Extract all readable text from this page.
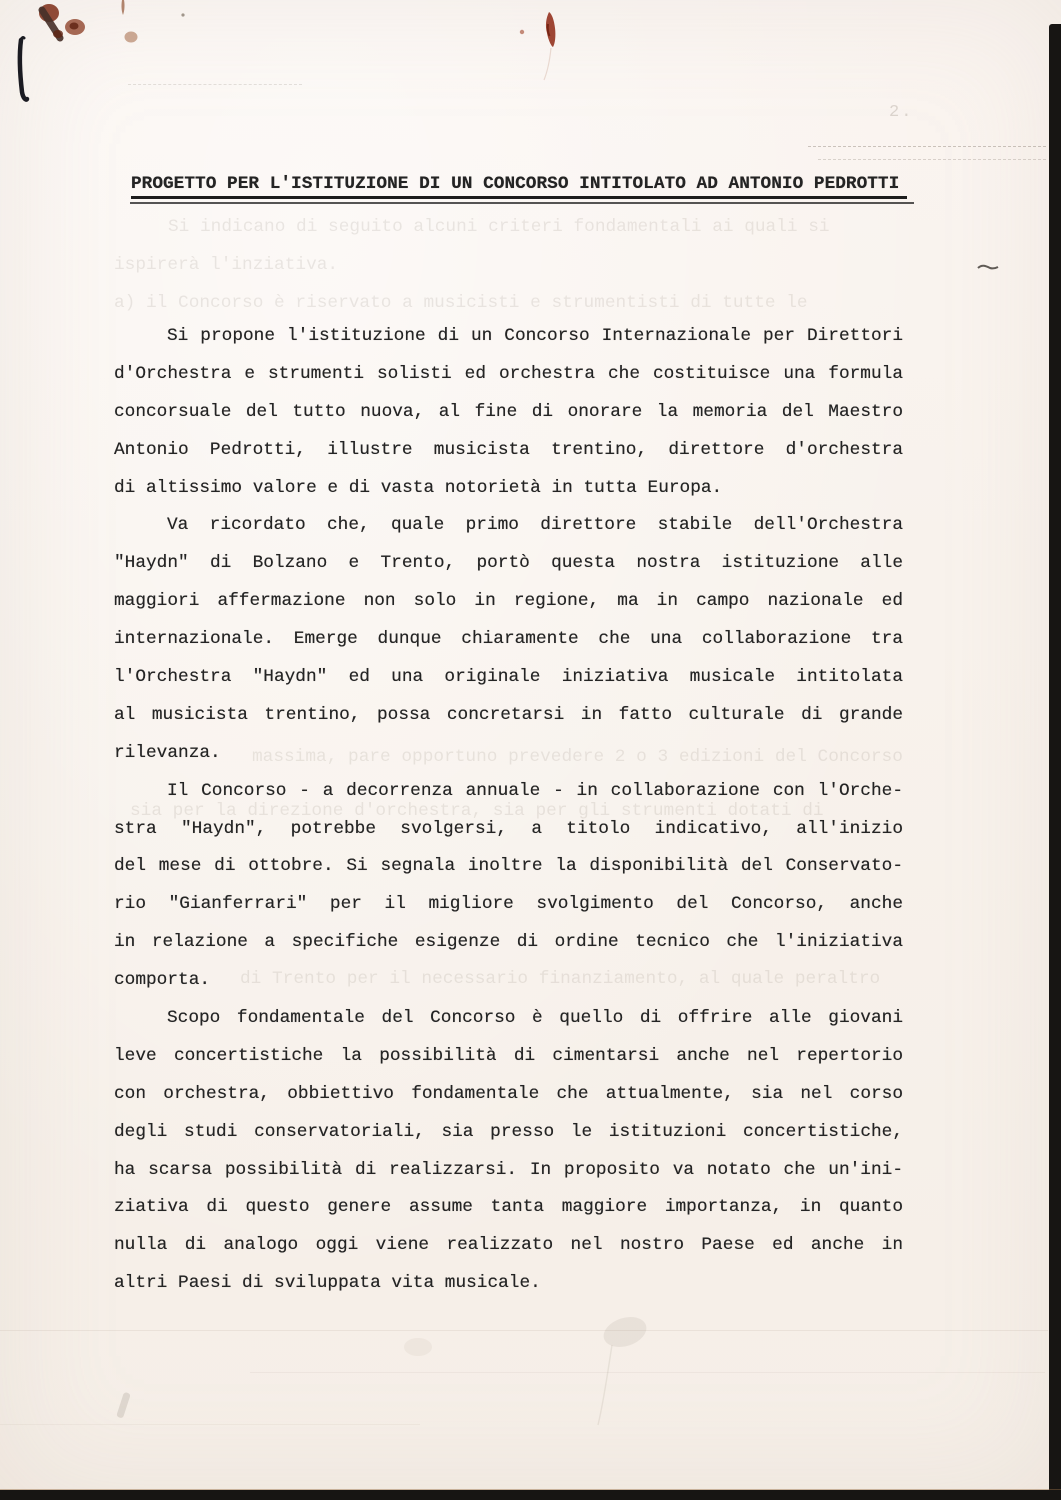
2.
Si indicano di seguito alcuni criteri fondamentali ai quali si
ispirerà l'inziativa.
a) il Concorso è riservato a musicisti e strumentisti di tutte le
massima, pare opportuno prevedere 2 o 3 edizioni del Concorso
sia per la direzione d'orchestra, sia per gli strumenti dotati di
di Trento per il necessario finanziamento, al quale peraltro
PROGETTO PER L'ISTITUZIONE DI UN CONCORSO INTITOLATO AD ANTONIO PEDROTTI
Si propone l'istituzione di un Concorso Internazionale per Direttori
d'Orchestra e strumenti solisti ed orchestra che costituisce una formula
concorsuale del tutto nuova, al fine di onorare la memoria del Maestro
Antonio Pedrotti, illustre musicista trentino, direttore d'orchestra
di altissimo valore e di vasta notorietà in tutta Europa.
Va ricordato che, quale primo direttore stabile dell'Orchestra
"Haydn" di Bolzano e Trento, portò questa nostra istituzione alle
maggiori affermazione non solo in regione, ma in campo nazionale ed
internazionale. Emerge dunque chiaramente che una collaborazione tra
l'Orchestra "Haydn" ed una originale iniziativa musicale intitolata
al musicista trentino, possa concretarsi in fatto culturale di grande
rilevanza.
Il Concorso - a decorrenza annuale - in collaborazione con l'Orche-
stra "Haydn", potrebbe svolgersi, a titolo indicativo, all'inizio
del mese di ottobre. Si segnala inoltre la disponibilità del Conservato-
rio "Gianferrari" per il migliore svolgimento del Concorso, anche
in relazione a specifiche esigenze di ordine tecnico che l'iniziativa
comporta.
Scopo fondamentale del Concorso è quello di offrire alle giovani
leve concertistiche la possibilità di cimentarsi anche nel repertorio
con orchestra, obbiettivo fondamentale che attualmente, sia nel corso
degli studi conservatoriali, sia presso le istituzioni concertistiche,
ha scarsa possibilità di realizzarsi. In proposito va notato che un'ini-
ziativa di questo genere assume tanta maggiore importanza, in quanto
nulla di analogo oggi viene realizzato nel nostro Paese ed anche in
altri Paesi di sviluppata vita musicale.
